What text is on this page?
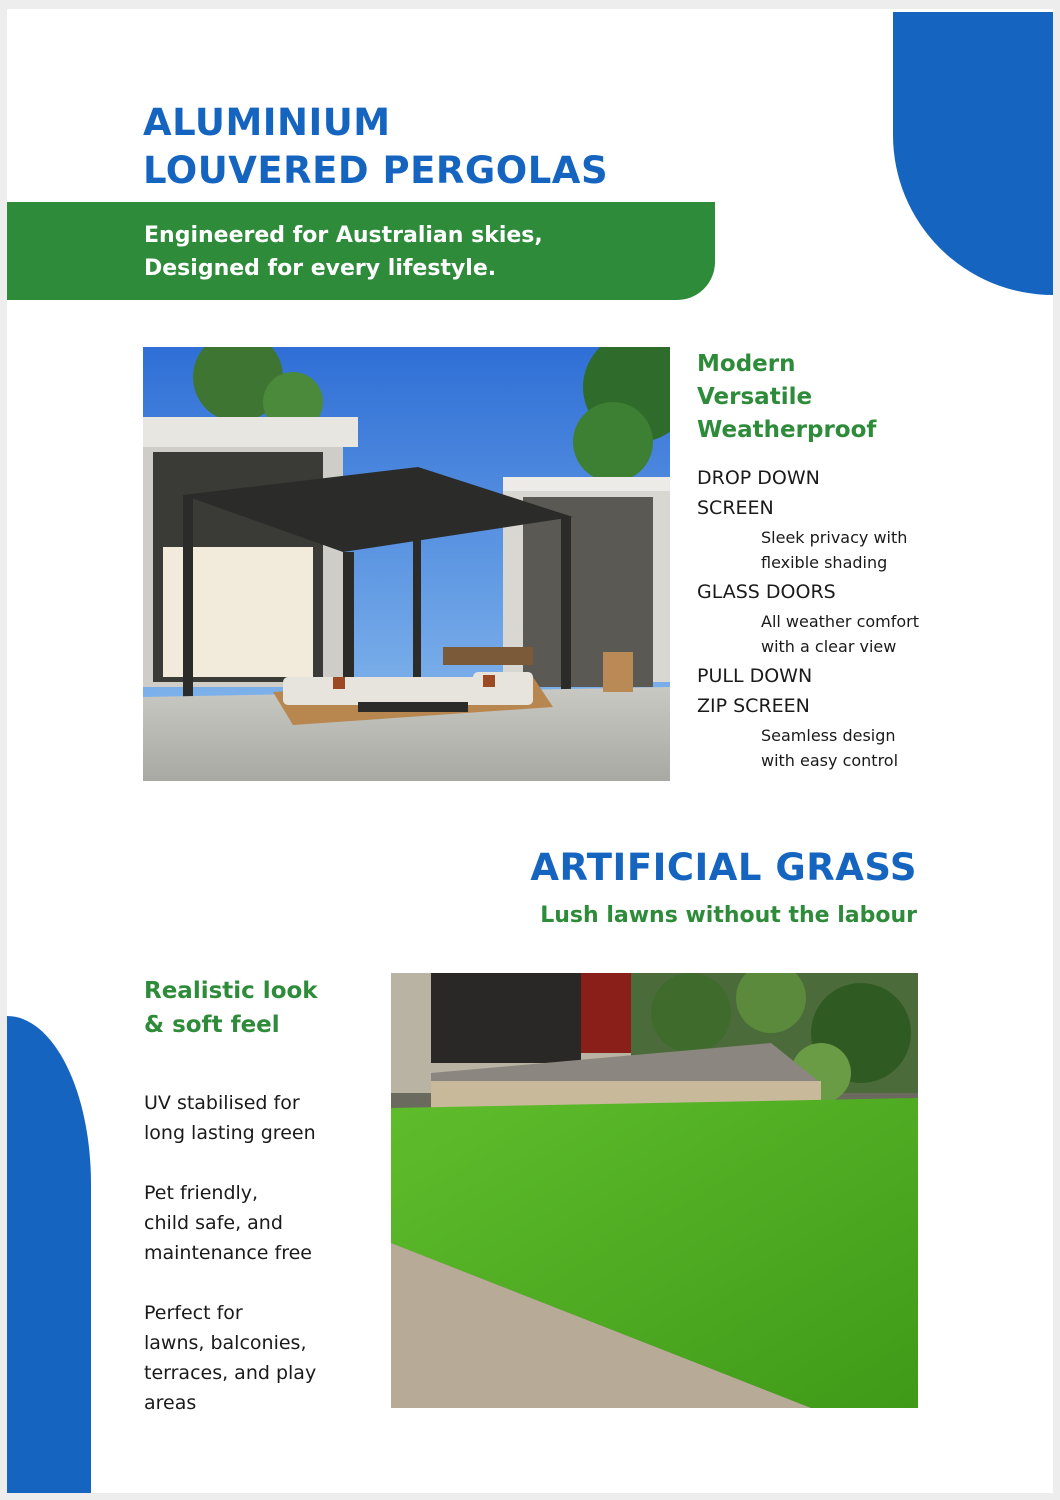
ALUMINIUM
LOUVERED PERGOLAS
Engineered for Australian skies,
Designed for every lifestyle.
Modern
Versatile
Weatherproof
DROP DOWN
SCREEN
Sleek privacy with
flexible shading
GLASS DOORS
All weather comfort
with a clear view
PULL DOWN
ZIP SCREEN
Seamless design
with easy control
ARTIFICIAL GRASS
Lush lawns without the labour
Realistic look
& soft feel
UV stabilised for
long lasting green
Pet friendly,
child safe, and
maintenance free
Perfect for
lawns, balconies,
terraces, and play
areas
